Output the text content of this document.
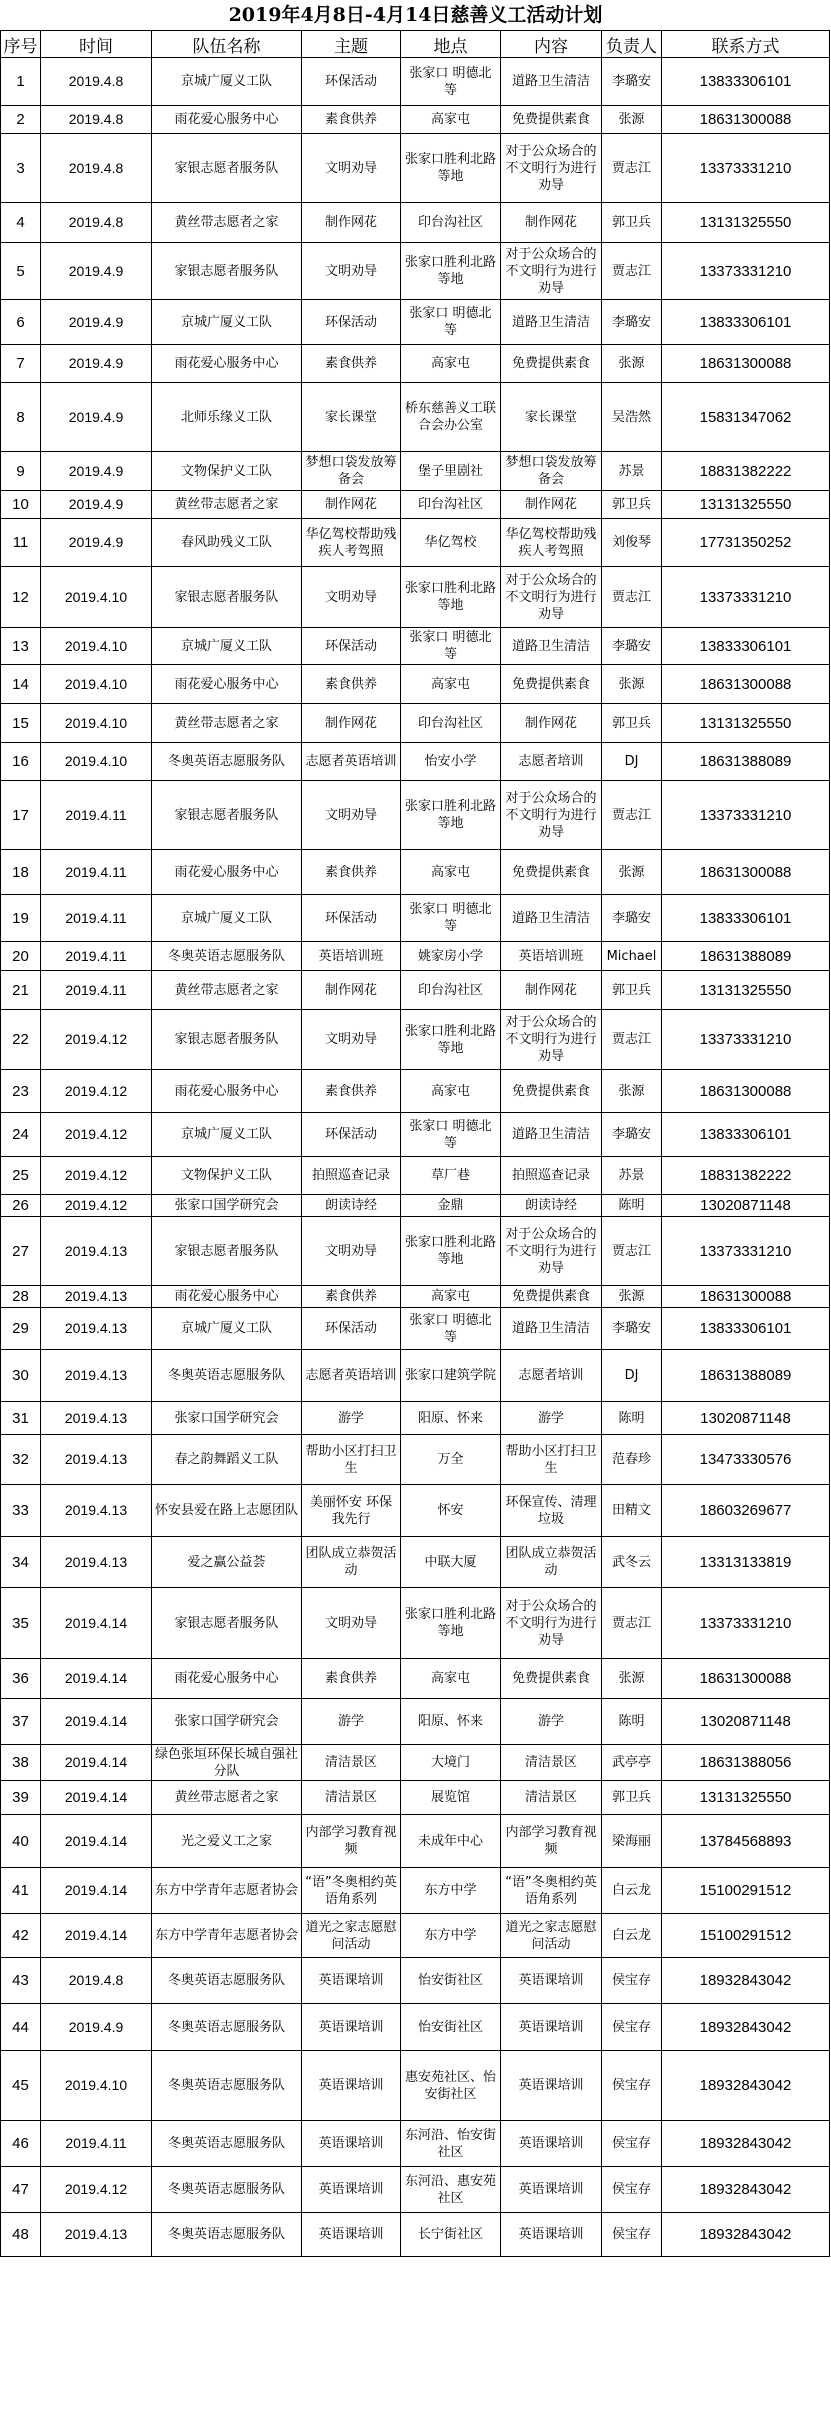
2019年4月8日-4月14日慈善义工活动计划
序号	时间	队伍名称	主题	地点	内容	负责人	联系方式
1	2019.4.8	京城广厦义工队	环保活动	张家口 明德北等	道路卫生清洁	李璐安	13833306101
2	2019.4.8	雨花爱心服务中心	素食供养	高家屯	免费提供素食	张源	18631300088
3	2019.4.8	家银志愿者服务队	文明劝导	张家口胜利北路等地	对于公众场合的不文明行为进行劝导	贾志江	13373331210
4	2019.4.8	黄丝带志愿者之家	制作网花	印台沟社区	制作网花	郭卫兵	13131325550
5	2019.4.9	家银志愿者服务队	文明劝导	张家口胜利北路等地	对于公众场合的不文明行为进行劝导	贾志江	13373331210
6	2019.4.9	京城广厦义工队	环保活动	张家口 明德北等	道路卫生清洁	李璐安	13833306101
7	2019.4.9	雨花爱心服务中心	素食供养	高家屯	免费提供素食	张源	18631300088
8	2019.4.9	北师乐缘义工队	家长课堂	桥东慈善义工联合会办公室	家长课堂	吴浩然	15831347062
9	2019.4.9	文物保护义工队	梦想口袋发放筹备会	堡子里剧社	梦想口袋发放筹备会	苏景	18831382222
10	2019.4.9	黄丝带志愿者之家	制作网花	印台沟社区	制作网花	郭卫兵	13131325550
11	2019.4.9	春风助残义工队	华亿驾校帮助残疾人考驾照	华亿驾校	华亿驾校帮助残疾人考驾照	刘俊琴	17731350252
12	2019.4.10	家银志愿者服务队	文明劝导	张家口胜利北路等地	对于公众场合的不文明行为进行劝导	贾志江	13373331210
13	2019.4.10	京城广厦义工队	环保活动	张家口 明德北等	道路卫生清洁	李璐安	13833306101
14	2019.4.10	雨花爱心服务中心	素食供养	高家屯	免费提供素食	张源	18631300088
15	2019.4.10	黄丝带志愿者之家	制作网花	印台沟社区	制作网花	郭卫兵	13131325550
16	2019.4.10	冬奥英语志愿服务队	志愿者英语培训	怡安小学	志愿者培训	DJ	18631388089
17	2019.4.11	家银志愿者服务队	文明劝导	张家口胜利北路等地	对于公众场合的不文明行为进行劝导	贾志江	13373331210
18	2019.4.11	雨花爱心服务中心	素食供养	高家屯	免费提供素食	张源	18631300088
19	2019.4.11	京城广厦义工队	环保活动	张家口 明德北等	道路卫生清洁	李璐安	13833306101
20	2019.4.11	冬奥英语志愿服务队	英语培训班	姚家房小学	英语培训班	Michael	18631388089
21	2019.4.11	黄丝带志愿者之家	制作网花	印台沟社区	制作网花	郭卫兵	13131325550
22	2019.4.12	家银志愿者服务队	文明劝导	张家口胜利北路等地	对于公众场合的不文明行为进行劝导	贾志江	13373331210
23	2019.4.12	雨花爱心服务中心	素食供养	高家屯	免费提供素食	张源	18631300088
24	2019.4.12	京城广厦义工队	环保活动	张家口 明德北等	道路卫生清洁	李璐安	13833306101
25	2019.4.12	文物保护义工队	拍照巡查记录	草厂巷	拍照巡查记录	苏景	18831382222
26	2019.4.12	张家口国学研究会	朗读诗经	金鼎	朗读诗经	陈明	13020871148
27	2019.4.13	家银志愿者服务队	文明劝导	张家口胜利北路等地	对于公众场合的不文明行为进行劝导	贾志江	13373331210
28	2019.4.13	雨花爱心服务中心	素食供养	高家屯	免费提供素食	张源	18631300088
29	2019.4.13	京城广厦义工队	环保活动	张家口 明德北等	道路卫生清洁	李璐安	13833306101
30	2019.4.13	冬奥英语志愿服务队	志愿者英语培训	张家口建筑学院	志愿者培训	DJ	18631388089
31	2019.4.13	张家口国学研究会	游学	阳原、怀来	游学	陈明	13020871148
32	2019.4.13	春之韵舞蹈义工队	帮助小区打扫卫生	万全	帮助小区打扫卫生	范春珍	13473330576
33	2019.4.13	怀安县爱在路上志愿团队	美丽怀安 环保我先行	怀安	环保宣传、清理垃圾	田精文	18603269677
34	2019.4.13	爱之赢公益荟	团队成立恭贺活动	中联大厦	团队成立恭贺活动	武冬云	13313133819
35	2019.4.14	家银志愿者服务队	文明劝导	张家口胜利北路等地	对于公众场合的不文明行为进行劝导	贾志江	13373331210
36	2019.4.14	雨花爱心服务中心	素食供养	高家屯	免费提供素食	张源	18631300088
37	2019.4.14	张家口国学研究会	游学	阳原、怀来	游学	陈明	13020871148
38	2019.4.14	绿色张垣环保长城自强社分队	清洁景区	大境门	清洁景区	武亭亭	18631388056
39	2019.4.14	黄丝带志愿者之家	清洁景区	展览馆	清洁景区	郭卫兵	13131325550
40	2019.4.14	光之爱义工之家	内部学习教育视频	未成年中心	内部学习教育视频	梁海丽	13784568893
41	2019.4.14	东方中学青年志愿者协会	“语”冬奥相约英语角系列	东方中学	“语”冬奥相约英语角系列	白云龙	15100291512
42	2019.4.14	东方中学青年志愿者协会	道光之家志愿慰问活动	东方中学	道光之家志愿慰问活动	白云龙	15100291512
43	2019.4.8	冬奥英语志愿服务队	英语课培训	怡安街社区	英语课培训	侯宝存	18932843042
44	2019.4.9	冬奥英语志愿服务队	英语课培训	怡安街社区	英语课培训	侯宝存	18932843042
45	2019.4.10	冬奥英语志愿服务队	英语课培训	惠安苑社区、怡安街社区	英语课培训	侯宝存	18932843042
46	2019.4.11	冬奥英语志愿服务队	英语课培训	东河沿、怡安街社区	英语课培训	侯宝存	18932843042
47	2019.4.12	冬奥英语志愿服务队	英语课培训	东河沿、惠安苑社区	英语课培训	侯宝存	18932843042
48	2019.4.13	冬奥英语志愿服务队	英语课培训	长宁街社区	英语课培训	侯宝存	18932843042
